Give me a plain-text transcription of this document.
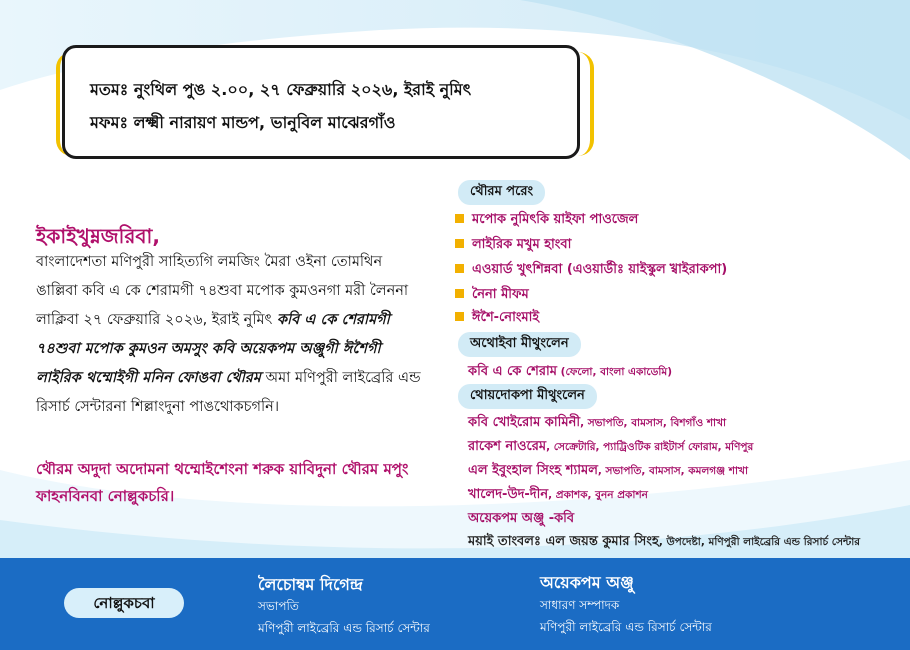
মতমঃ নুংথিল পুঙ ২.০০, ২৭ ফেব্রুয়ারি ২০২৬, ইরাই নুমিৎ
মফমঃ লক্ষ্মী নারায়ণ মান্ডপ, ভানুবিল মাঝেরগাঁও
ইকাইখুম্নজরিবা,
বাংলাদেশতা মণিপুরী সাহিত্যগি লমজিং মৈরা ওইনা তোমথিন ঙাল্লিবা কবি এ কে শেরামগী ৭৪শুবা মপোক কুমওনগা মরী লৈননা লাক্লিবা ২৭ ফেব্রুয়ারি ২০২৬, ইরাই নুমিৎ কবি এ কে শেরামগী ৭৪শুবা মপোক কুমওন অমসুং কবি অয়েকপম অঞ্জুগী ঈশৈগী লাইরিক থম্মোইগী মনিন ফোঙবা থৌরম অমা মণিপুরী লাইব্রেরি এন্ড রিসার্চ সেন্টারনা শিল্লাংদুনা পাঙথোকচগনি।
থৌরম অদুদা অদোমনা থম্মোইশেংনা শরুক য়াবিদুনা থৌরম মপুং ফাহনবিনবা নোল্লুকচরি।
থৌরম পরেং
মপোক নুমিৎকি য়াইফা পাওজেল
লাইরিক মখুম হাংবা
এওয়ার্ড খুৎশিন্নবা (এওয়ার্ডীঃ য়াইস্কুল খ্বাইরাকপা)
নৈনা মীফম
ঈশৈ-নোংমাই
অথোইবা মীথুংলেন
কবি এ কে শেরাম (ফেলো, বাংলা একাডেমি)
থোয়দোকপা মীথুংলেন
কবি খোইরোম কামিনী, সভাপতি, বামসাস, বিশগাঁও শাখা
রাকেশ নাওরেম, সেক্রেটারি, প্যাট্রিওটিক রাইটার্স ফোরাম, মণিপুর
এল ইবুংহাল সিংহ শ্যামল, সভাপতি, বামসাস, কমলগঞ্জ শাখা
খালেদ-উদ-দীন, প্রকাশক, বুনন প্রকাশন
অয়েকপম অঞ্জু -কবি
ময়াই তাংবলঃ এল জয়ন্ত কুমার সিংহ, উপদেষ্টা, মণিপুরী লাইব্রেরি এন্ড রিসার্চ সেন্টার
নোল্লুকচবা
লৈচোম্বম দিগেন্দ্র
সভাপতি
মণিপুরী লাইব্রেরি এন্ড রিসার্চ সেন্টার
অয়েকপম অঞ্জু
সাধারণ সম্পাদক
মণিপুরী লাইব্রেরি এন্ড রিসার্চ সেন্টার
